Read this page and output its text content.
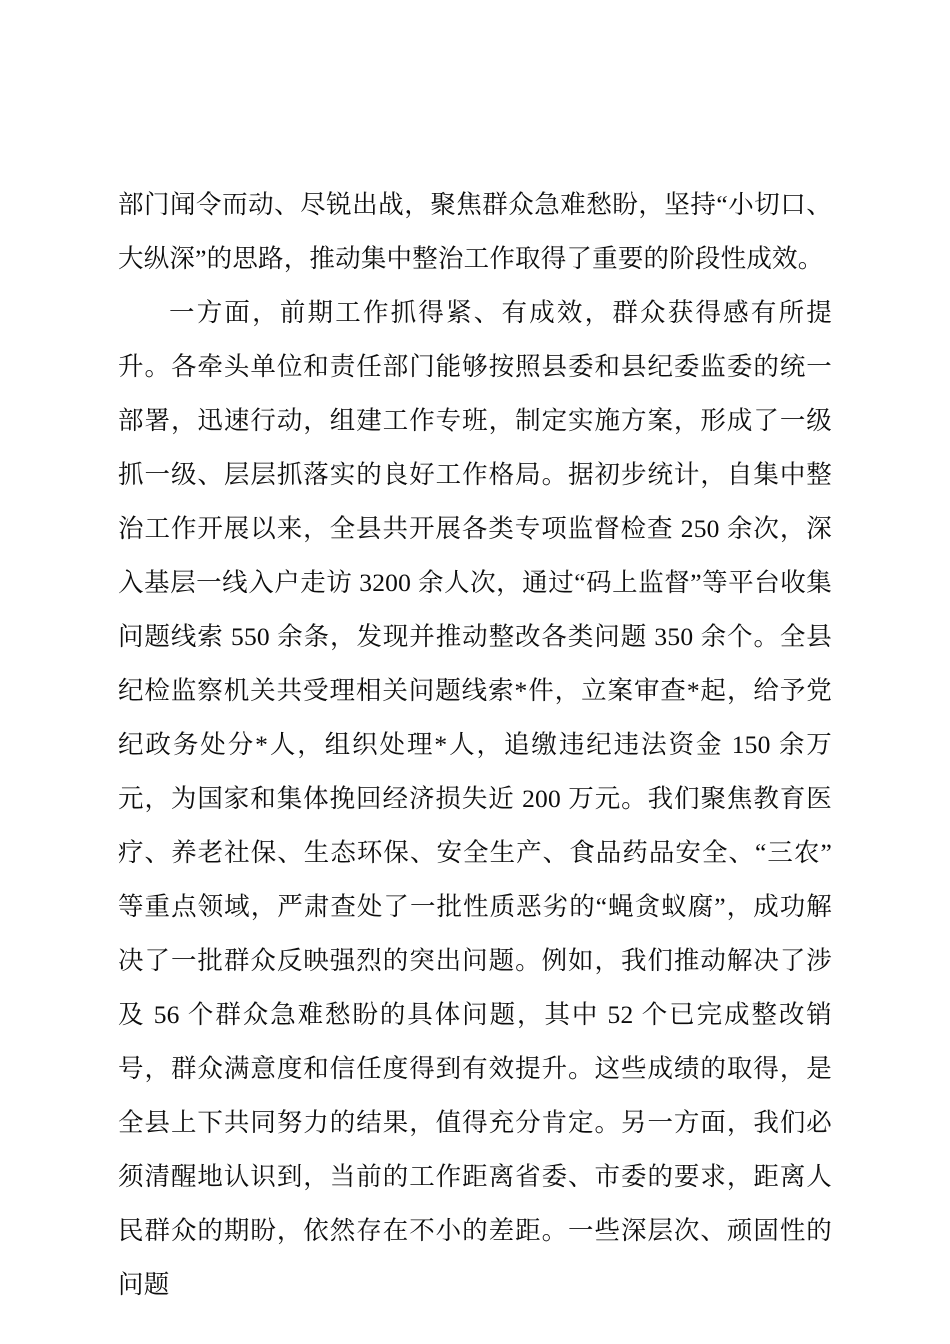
部门闻令而动、尽锐出战，聚焦群众急难愁盼，坚持“小切口、大纵深”的思路，推动集中整治工作取得了重要的阶段性成效。

一方面，前期工作抓得紧、有成效，群众获得感有所提升。各牵头单位和责任部门能够按照县委和县纪委监委的统一部署，迅速行动，组建工作专班，制定实施方案，形成了一级抓一级、层层抓落实的良好工作格局。据初步统计，自集中整治工作开展以来，全县共开展各类专项监督检查 250 余次，深入基层一线入户走访 3200 余人次，通过“码上监督”等平台收集问题线索 550 余条，发现并推动整改各类问题 350 余个。全县纪检监察机关共受理相关问题线索*件，立案审查*起，给予党纪政务处分*人，组织处理*人，追缴违纪违法资金 150 余万元，为国家和集体挽回经济损失近 200 万元。我们聚焦教育医疗、养老社保、生态环保、安全生产、食品药品安全、“三农”等重点领域，严肃查处了一批性质恶劣的“蝇贪蚁腐”，成功解决了一批群众反映强烈的突出问题。例如，我们推动解决了涉及 56 个群众急难愁盼的具体问题，其中 52 个已完成整改销号，群众满意度和信任度得到有效提升。这些成绩的取得，是全县上下共同努力的结果，值得充分肯定。另一方面，我们必须清醒地认识到，当前的工作距离省委、市委的要求，距离人民群众的期盼，依然存在不小的差距。一些深层次、顽固性的问题
